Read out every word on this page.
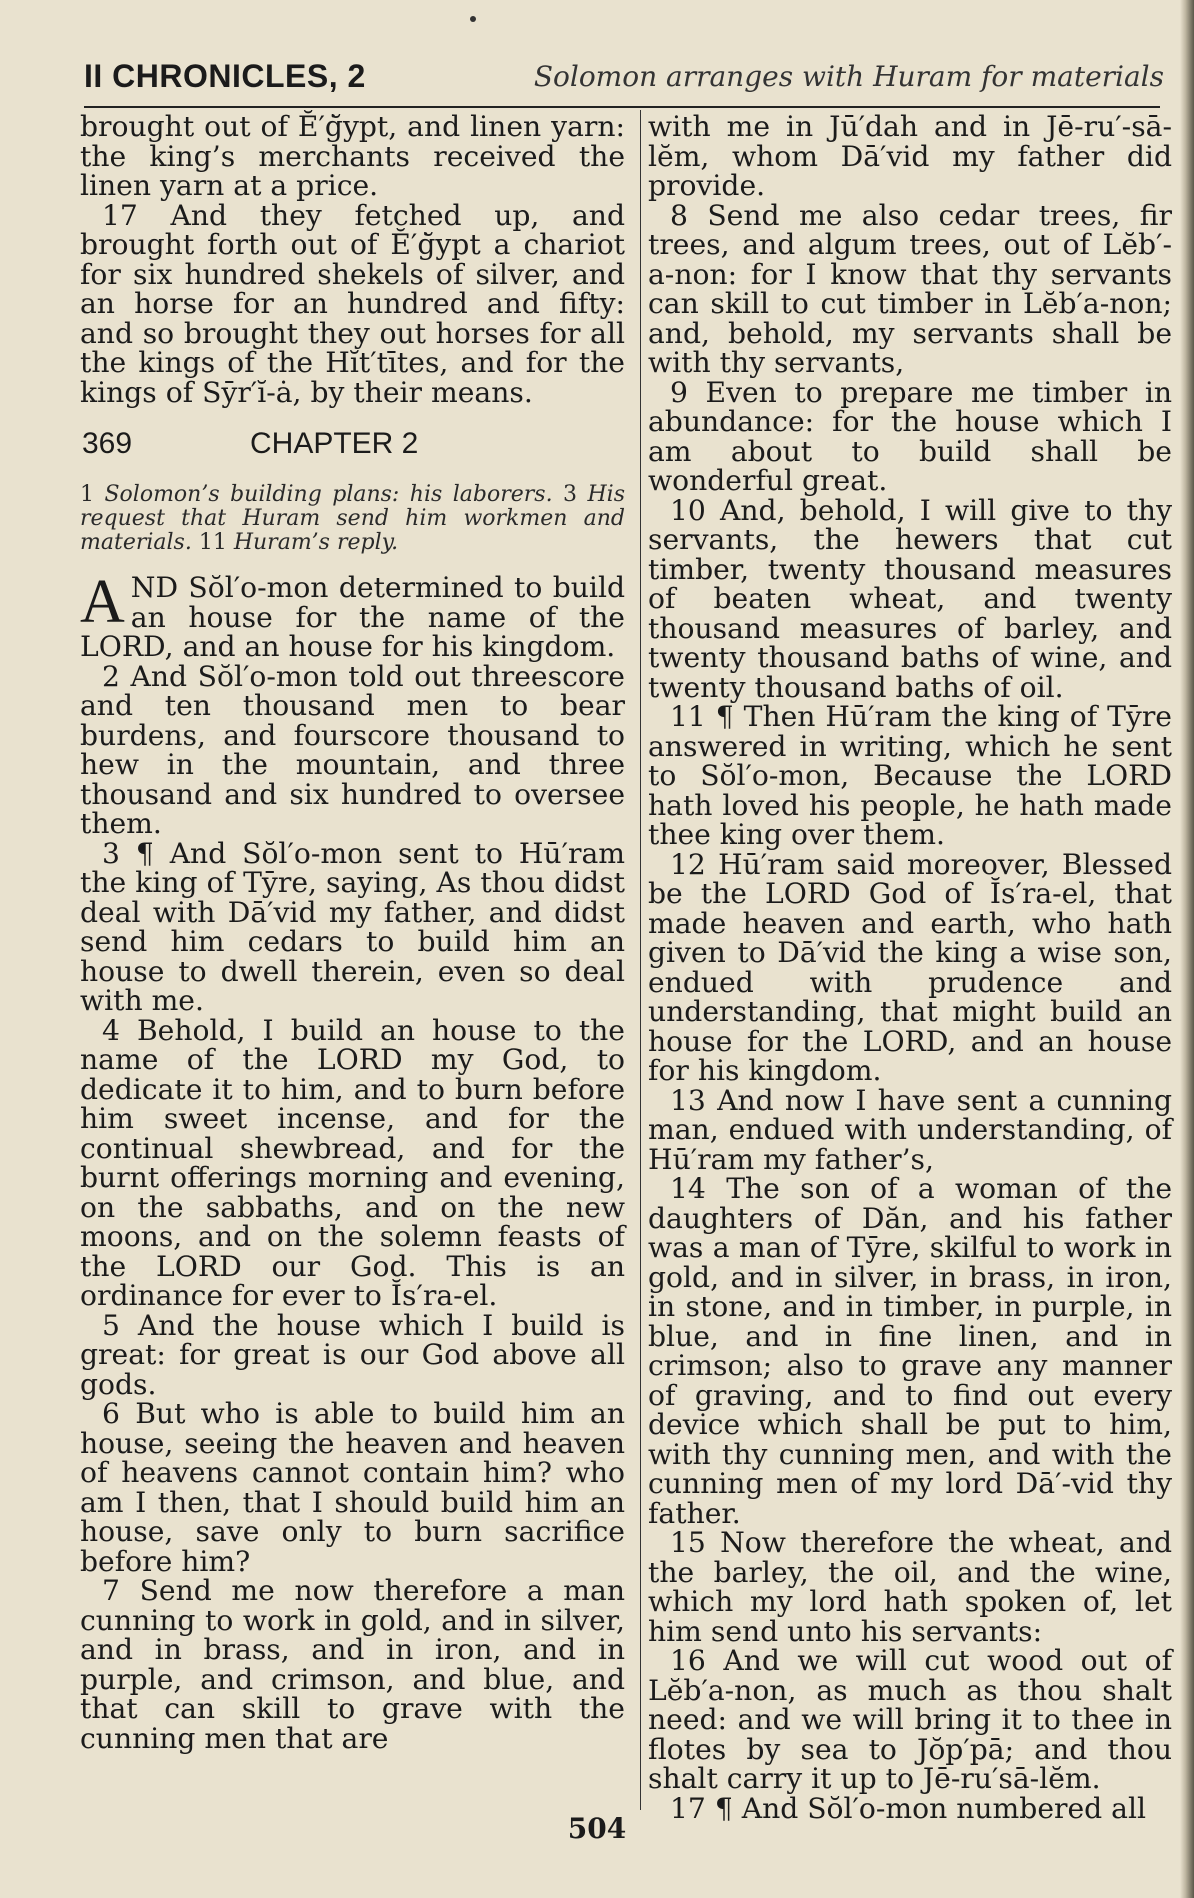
II CHRONICLES, 2	Solomon arranges with Huram for materials

brought out of Ĕ′ġ̆ypt, and linen yarn: the king’s merchants received the linen yarn at a price.

17 And they fetched up, and brought forth out of Ĕ′ġ̆ypt a chariot for six hundred shekels of silver, and an horse for an hundred and fifty: and so brought they out horses for all the kings of the Hĭt′tītes, and for the kings of Sȳr′ĭ-ȧ, by their means.

369	CHAPTER 2
1 Solomon’s building plans: his laborers. 3 His request that Huram send him workmen and materials. 11 Huram’s reply.

AND Sŏl′o-mon determined to build an house for the name of the LORD, and an house for his kingdom.

2 And Sŏl′o-mon told out threescore and ten thousand men to bear burdens, and fourscore thousand to hew in the mountain, and three thousand and six hundred to oversee them.

3 ¶ And Sŏl′o-mon sent to Hū′ram the king of Tȳre, saying, As thou didst deal with Dā′vid my father, and didst send him cedars to build him an house to dwell therein, even so deal with me.

4 Behold, I build an house to the name of the LORD my God, to dedicate it to him, and to burn before him sweet incense, and for the continual shewbread, and for the burnt offerings morning and evening, on the sabbaths, and on the new moons, and on the solemn feasts of the LORD our God. This is an ordinance for ever to Ĭs′ra-el.

5 And the house which I build is great: for great is our God above all gods.

6 But who is able to build him an house, seeing the heaven and heaven of heavens cannot contain him? who am I then, that I should build him an house, save only to burn sacrifice before him?

7 Send me now therefore a man cunning to work in gold, and in silver, and in brass, and in iron, and in purple, and crimson, and blue, and that can skill to grave with the cunning men that are

with me in Jū′dah and in Jē-ru′-sā-lĕm, whom Dā′vid my father did provide.

8 Send me also cedar trees, fir trees, and algum trees, out of Lĕb′-a-non: for I know that thy servants can skill to cut timber in Lĕb′a-non; and, behold, my servants shall be with thy servants,

9 Even to prepare me timber in abundance: for the house which I am about to build shall be wonderful great.

10 And, behold, I will give to thy servants, the hewers that cut timber, twenty thousand measures of beaten wheat, and twenty thousand measures of barley, and twenty thousand baths of wine, and twenty thousand baths of oil.

11 ¶ Then Hū′ram the king of Tȳre answered in writing, which he sent to Sŏl′o-mon, Because the LORD hath loved his people, he hath made thee king over them.

12 Hū′ram said moreover, Blessed be the LORD God of Ĭs′ra-el, that made heaven and earth, who hath given to Dā′vid the king a wise son, endued with prudence and understanding, that might build an house for the LORD, and an house for his kingdom.

13 And now I have sent a cunning man, endued with understanding, of Hū′ram my father’s,

14 The son of a woman of the daughters of Dăn, and his father was a man of Tȳre, skilful to work in gold, and in silver, in brass, in iron, in stone, and in timber, in purple, in blue, and in fine linen, and in crimson; also to grave any manner of graving, and to find out every device which shall be put to him, with thy cunning men, and with the cunning men of my lord Dā′-vid thy father.

15 Now therefore the wheat, and the barley, the oil, and the wine, which my lord hath spoken of, let him send unto his servants:

16 And we will cut wood out of Lĕb′a-non, as much as thou shalt need: and we will bring it to thee in flotes by sea to Jŏp′pā; and thou shalt carry it up to Jē-ru′sā-lĕm.

17 ¶ And Sŏl′o-mon numbered all

504
